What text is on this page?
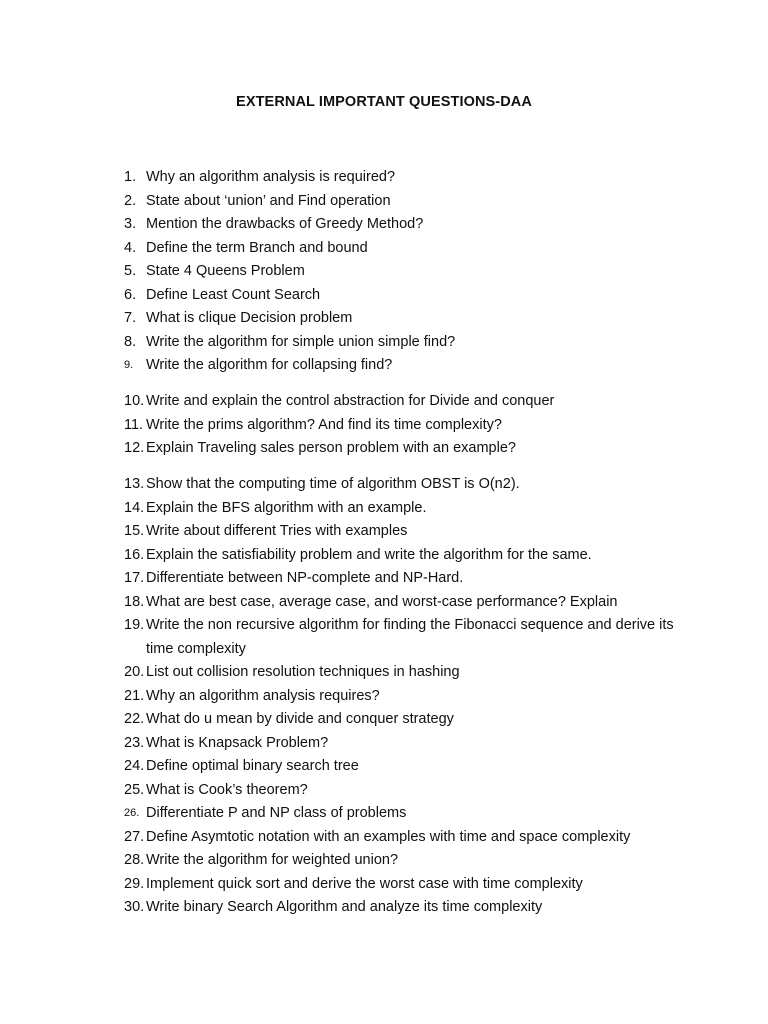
EXTERNAL IMPORTANT QUESTIONS-DAA
1. Why an algorithm analysis is required?
2. State about ‘union’ and Find operation
3. Mention the drawbacks of Greedy Method?
4. Define the term Branch and bound
5. State 4 Queens Problem
6. Define Least Count Search
7. What is clique Decision problem
8. Write the algorithm for simple union simple find?
9. Write the algorithm for collapsing find?
10. Write and explain the control abstraction for Divide and conquer
11. Write the prims algorithm? And find its time complexity?
12. Explain Traveling sales person problem with an example?
13. Show that the computing time of algorithm OBST is O(n2).
14. Explain the BFS algorithm with an example.
15. Write about different Tries with examples
16. Explain the satisfiability problem and write the algorithm for the same.
17. Differentiate between NP-complete and NP-Hard.
18. What are best case, average case, and worst-case performance? Explain
19. Write the non recursive algorithm for finding the Fibonacci sequence and derive its time complexity
20. List out collision resolution techniques in hashing
21. Why an algorithm analysis requires?
22. What do u mean by divide and conquer strategy
23. What is Knapsack Problem?
24. Define optimal binary search tree
25. What is Cook’s theorem?
26. Differentiate P and NP class of problems
27. Define Asymtotic notation with an examples with time and space complexity
28. Write the algorithm for weighted union?
29. Implement quick sort and derive the worst case with time complexity
30. Write binary Search Algorithm and analyze its time complexity
